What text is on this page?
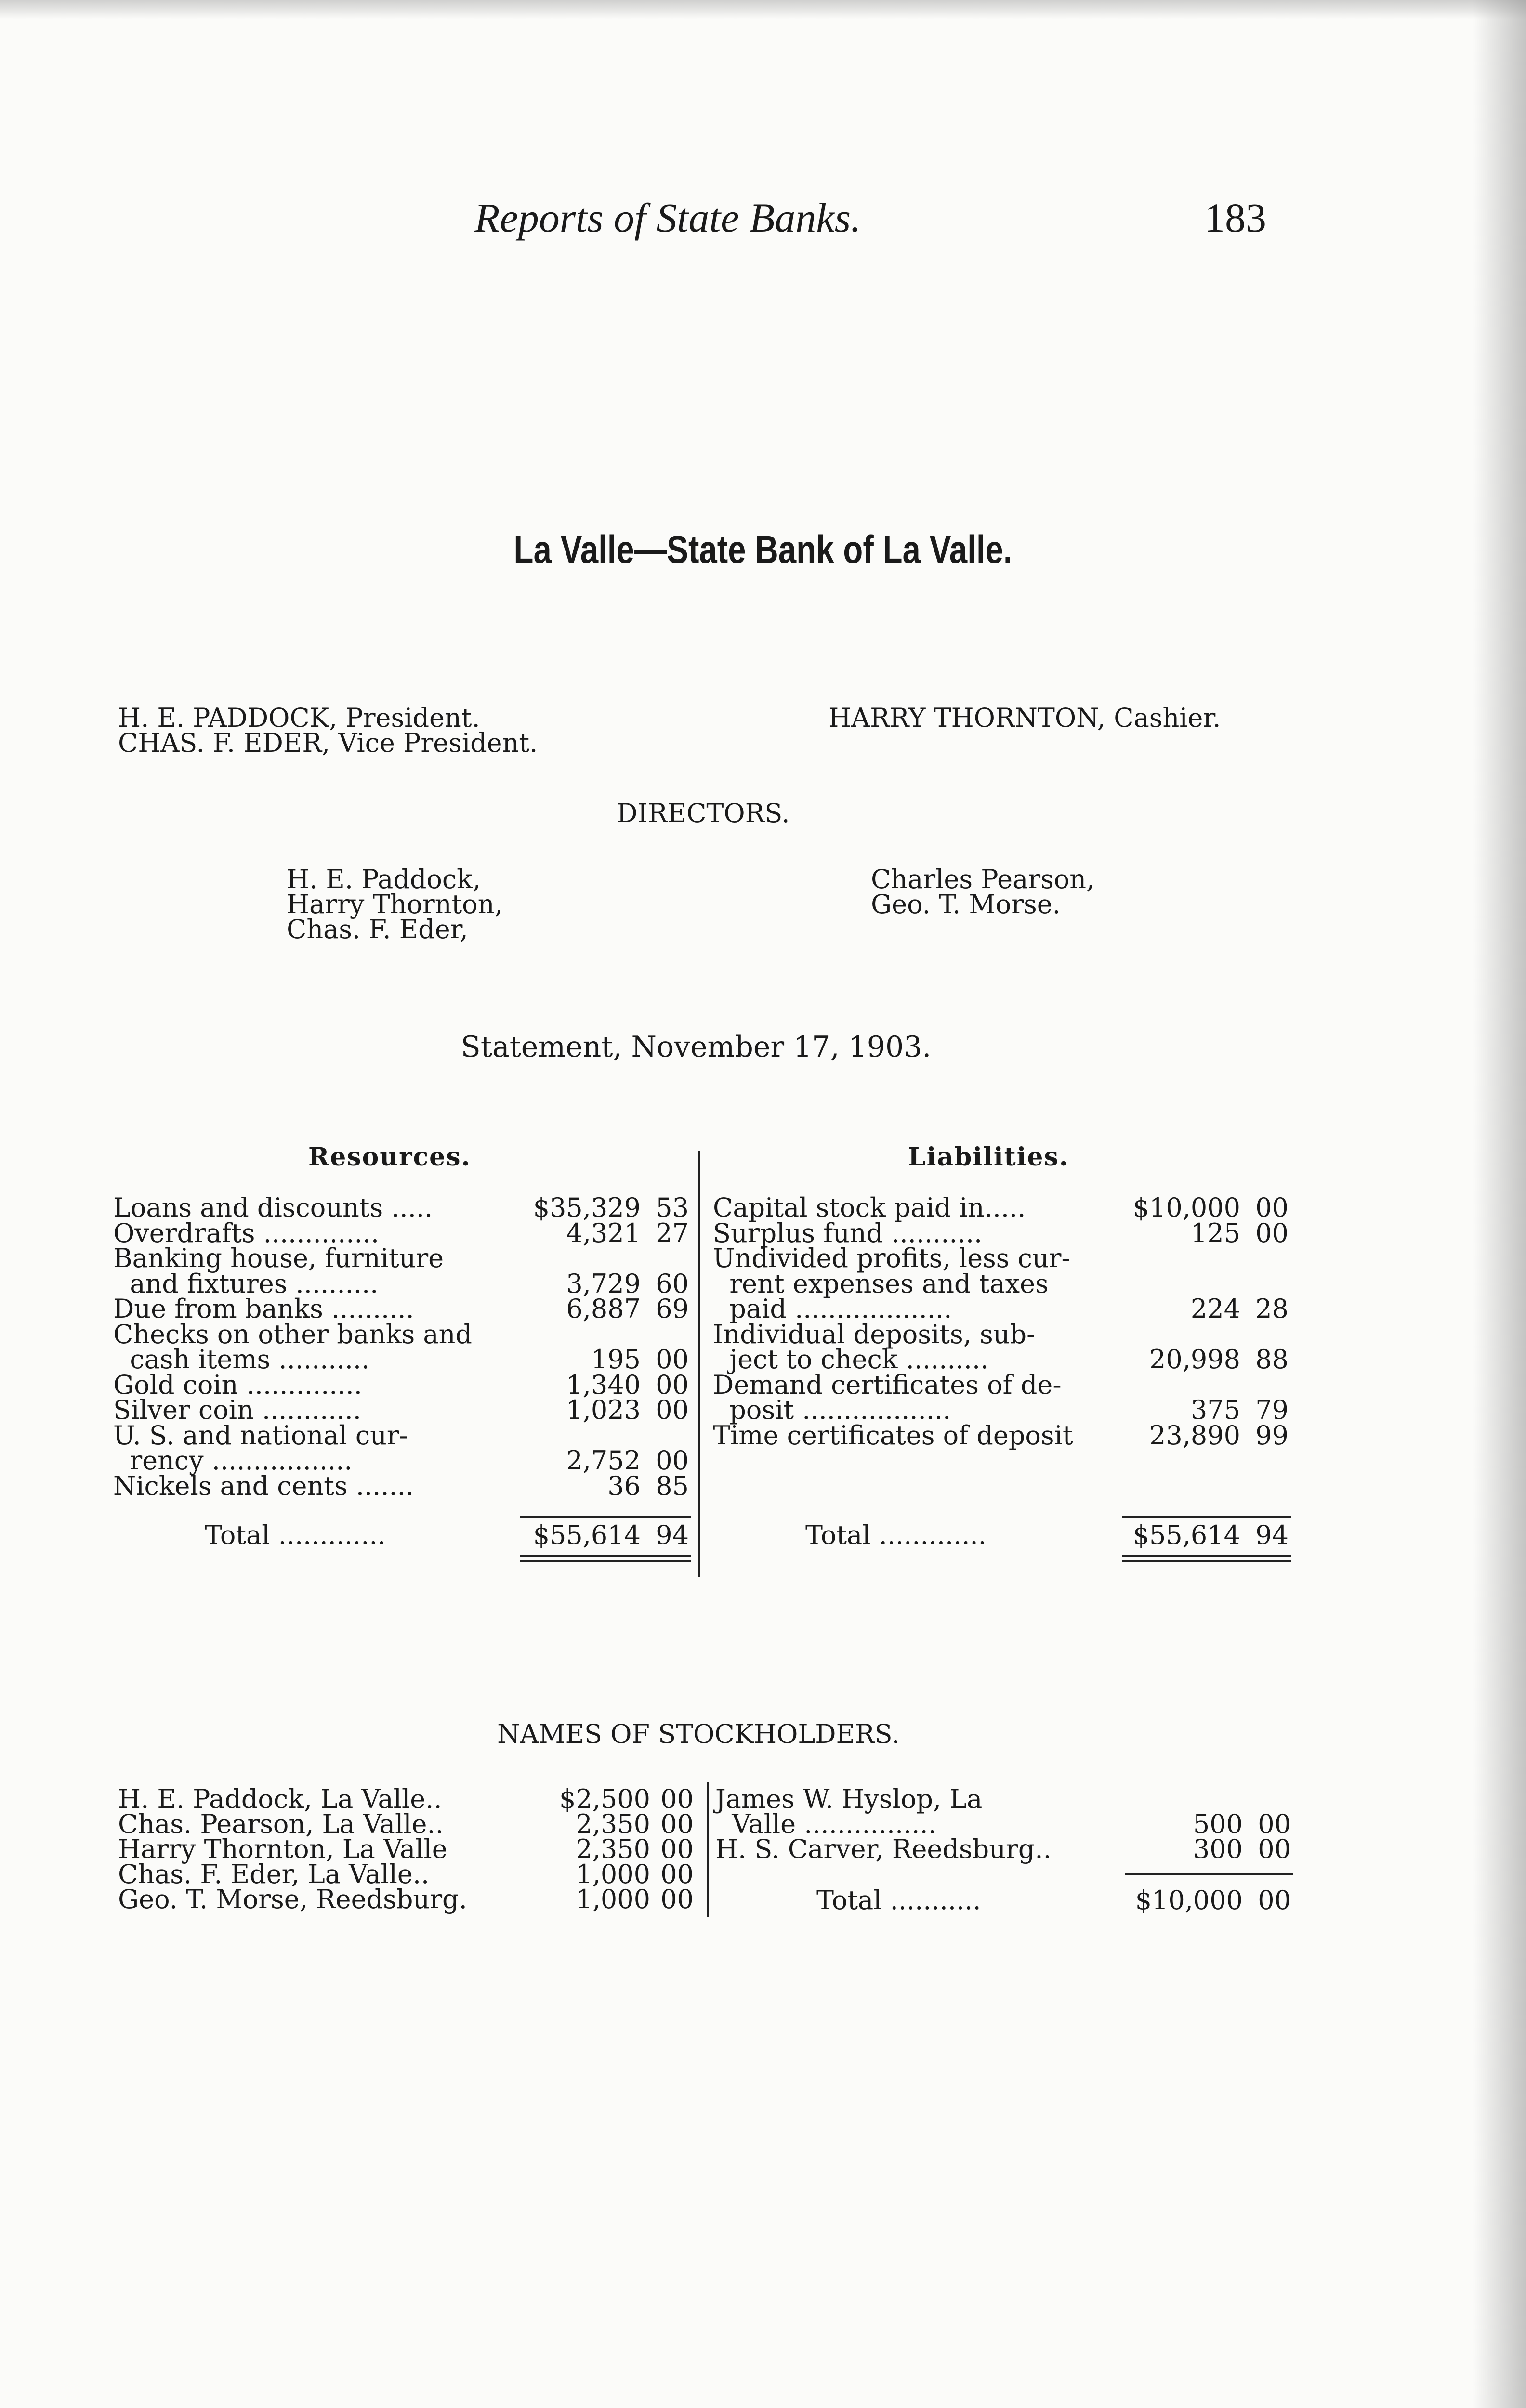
Reports of State Banks.	183
La Valle—State Bank of La Valle.
H. E. PADDOCK, President.
CHAS. F. EDER, Vice President.
HARRY THORNTON, Cashier.
DIRECTORS.
H. E. Paddock,
Harry Thornton,
Chas. F. Eder,
Charles Pearson,
Geo. T. Morse.
Statement, November 17, 1903.
Resources.	Liabilities.
Loans and discounts .....	$35,329 53
Overdrafts ..............	4,321 27
Banking house, furniture
and fixtures ..........	3,729 60
Due from banks ..........	6,887 69
Checks on other banks and
cash items ...........	195 00
Gold coin ..............	1,340 00
Silver coin ............	1,023 00
U. S. and national cur-
rency .................	2,752 00
Nickels and cents .......	36 85
Capital stock paid in.....	$10,000 00
Surplus fund ...........	125 00
Undivided profits, less cur-
rent expenses and taxes
paid ...................	224 28
Individual deposits, sub-
ject to check ..........	20,998 88
Demand certificates of de-
posit ..................	375 79
Time certificates of deposit	23,890 99
Total .............	$55,614 94	Total .............	$55,614 94
NAMES OF STOCKHOLDERS.
H. E. Paddock, La Valle..	$2,500 00
Chas. Pearson, La Valle..	2,350 00
Harry Thornton, La Valle	2,350 00
Chas. F. Eder, La Valle..	1,000 00
Geo. T. Morse, Reedsburg.	1,000 00
James W. Hyslop, La
Valle ................	500 00
H. S. Carver, Reedsburg..	300 00
Total ...........	$10,000 00
